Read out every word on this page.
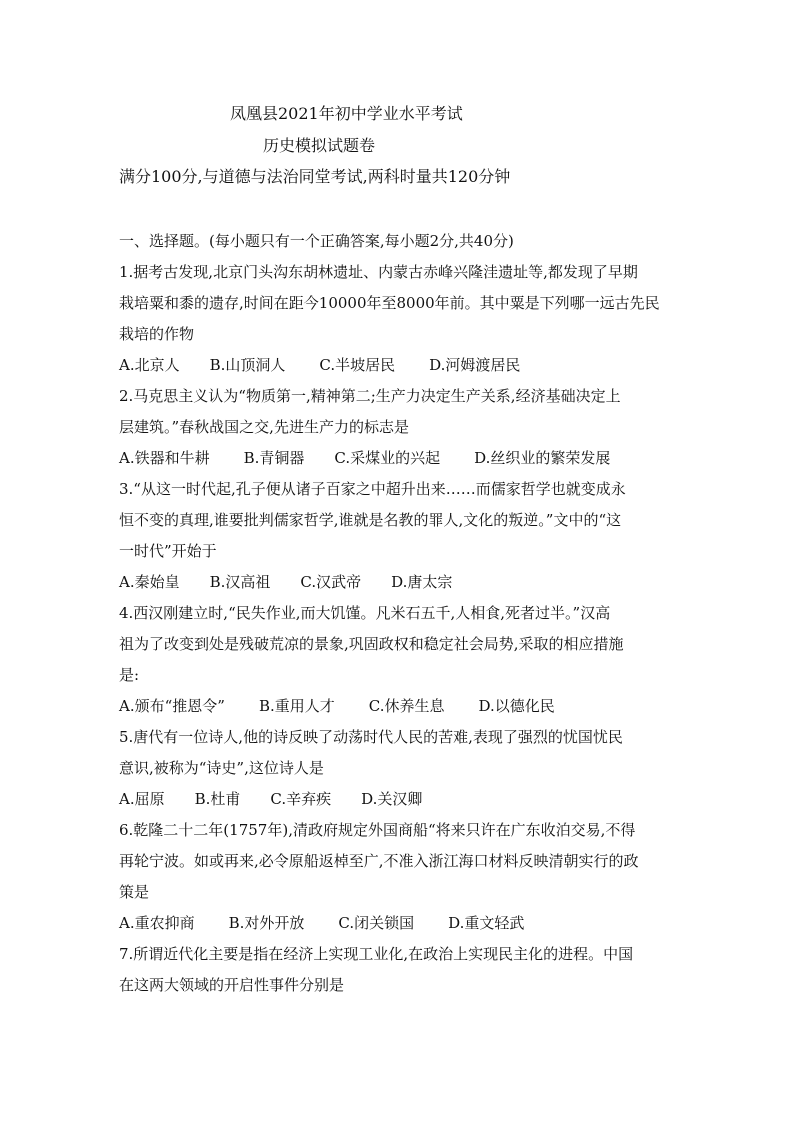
凤凰县2021年初中学业水平考试
历史模拟试题卷
满分100分,与道德与法治同堂考试,两科时量共120分钟
一、选择题。(每小题只有一个正确答案,每小题2分,共40分)
1.据考古发现,北京门头沟东胡林遗址、内蒙古赤峰兴隆洼遗址等,都发现了早期
栽培粟和黍的遗存,时间在距今10000年至8000年前。其中粟是下列哪一远古先民
栽培的作物
A.北京人 B.山顶洞人 C.半坡居民 D.河姆渡居民
2.马克思主义认为“物质第一,精神第二;生产力决定生产关系,经济基础决定上
层建筑。”春秋战国之交,先进生产力的标志是
A.铁器和牛耕 B.青铜器 C.采煤业的兴起 D.丝织业的繁荣发展
3.“从这一时代起,孔子便从诸子百家之中超升出来……而儒家哲学也就变成永
恒不变的真理,谁要批判儒家哲学,谁就是名教的罪人,文化的叛逆。”文中的“这
一时代”开始于
A.秦始皇 B.汉高祖 C.汉武帝 D.唐太宗
4.西汉刚建立时,“民失作业,而大饥馑。凡米石五千,人相食,死者过半。”汉高
祖为了改变到处是残破荒凉的景象,巩固政权和稳定社会局势,采取的相应措施
是:
A.颁布“推恩令” B.重用人才 C.休养生息 D.以德化民
5.唐代有一位诗人,他的诗反映了动荡时代人民的苦难,表现了强烈的忧国忧民
意识,被称为“诗史”,这位诗人是
A.屈原 B.杜甫 C.辛弃疾 D.关汉卿
6.乾隆二十二年(1757年),清政府规定外国商船“将来只许在广东收泊交易,不得
再轮宁波。如或再来,必令原船返棹至广,不准入浙江海口材料反映清朝实行的政
策是
A.重农抑商 B.对外开放 C.闭关锁国 D.重文轻武
7.所谓近代化主要是指在经济上实现工业化,在政治上实现民主化的进程。中国
在这两大领域的开启性事件分别是
